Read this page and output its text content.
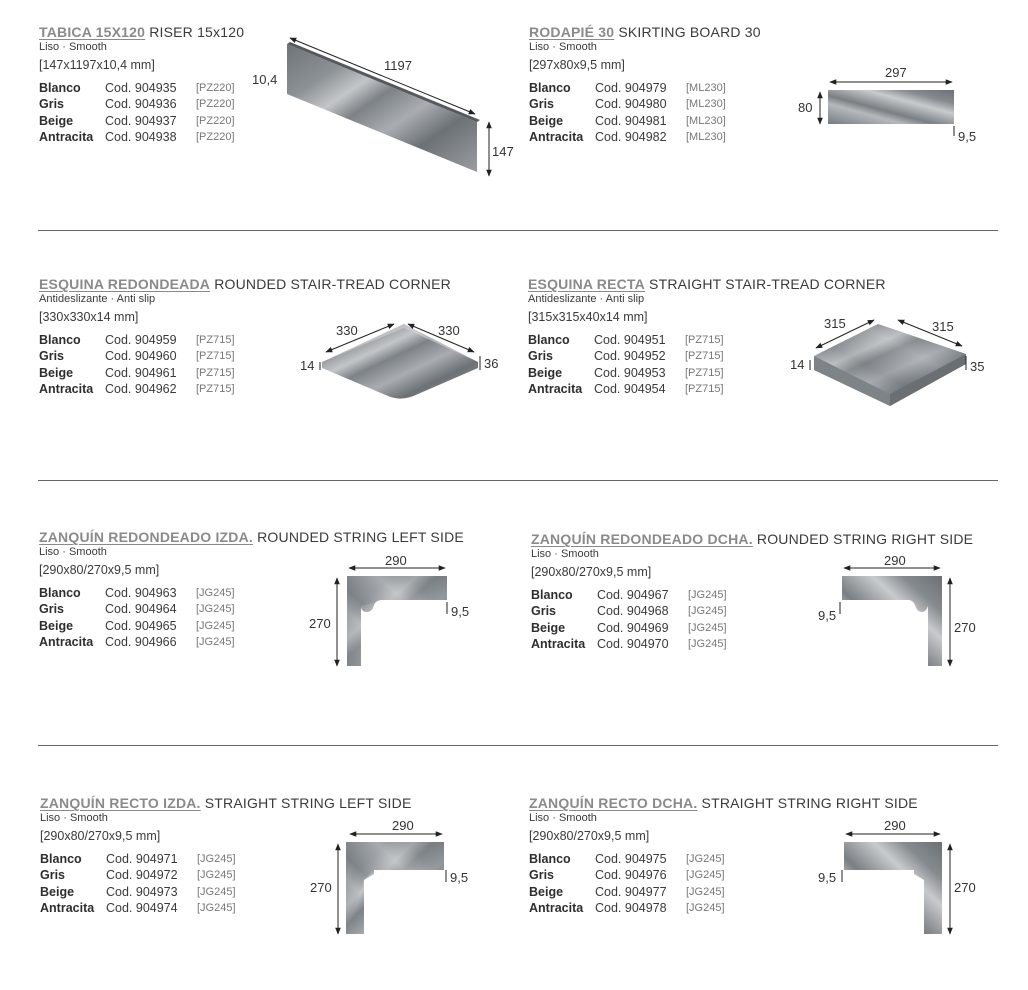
TABICA 15X120 RISER 15x120
Liso · Smooth
[147x1197x10,4 mm]
Blanco	Cod. 904935	[PZ220]
Gris	Cod. 904936	[PZ220]
Beige	Cod. 904937	[PZ220]
Antracita	Cod. 904938	[PZ220]
RODAPIÉ 30 SKIRTING BOARD 30
Liso · Smooth
[297x80x9,5 mm]
Blanco	Cod. 904979	[ML230]
Gris	Cod. 904980	[ML230]
Beige	Cod. 904981	[ML230]
Antracita	Cod. 904982	[ML230]
ESQUINA REDONDEADA ROUNDED STAIR-TREAD CORNER
Antideslizante · Anti slip
[330x330x14 mm]
Blanco	Cod. 904959	[PZ715]
Gris	Cod. 904960	[PZ715]
Beige	Cod. 904961	[PZ715]
Antracita	Cod. 904962	[PZ715]
ESQUINA RECTA STRAIGHT STAIR-TREAD CORNER
Antideslizante · Anti slip
[315x315x40x14 mm]
Blanco	Cod. 904951	[PZ715]
Gris	Cod. 904952	[PZ715]
Beige	Cod. 904953	[PZ715]
Antracita	Cod. 904954	[PZ715]
ZANQUÍN REDONDEADO IZDA. ROUNDED STRING LEFT SIDE
Liso · Smooth
[290x80/270x9,5 mm]
Blanco	Cod. 904963	[JG245]
Gris	Cod. 904964	[JG245]
Beige	Cod. 904965	[JG245]
Antracita	Cod. 904966	[JG245]
ZANQUÍN REDONDEADO DCHA. ROUNDED STRING RIGHT SIDE
Liso · Smooth
[290x80/270x9,5 mm]
Blanco	Cod. 904967	[JG245]
Gris	Cod. 904968	[JG245]
Beige	Cod. 904969	[JG245]
Antracita	Cod. 904970	[JG245]
ZANQUÍN RECTO IZDA. STRAIGHT STRING LEFT SIDE
Liso · Smooth
[290x80/270x9,5 mm]
Blanco	Cod. 904971	[JG245]
Gris	Cod. 904972	[JG245]
Beige	Cod. 904973	[JG245]
Antracita	Cod. 904974	[JG245]
ZANQUÍN RECTO DCHA. STRAIGHT STRING RIGHT SIDE
Liso · Smooth
[290x80/270x9,5 mm]
Blanco	Cod. 904975	[JG245]
Gris	Cod. 904976	[JG245]
Beige	Cod. 904977	[JG245]
Antracita	Cod. 904978	[JG245]
1197
10,4
147
297
80
9,5
330	330
14	36
315	315
14	35
290
270
9,5
290
270
9,5
290
270
9,5
290
270
9,5
